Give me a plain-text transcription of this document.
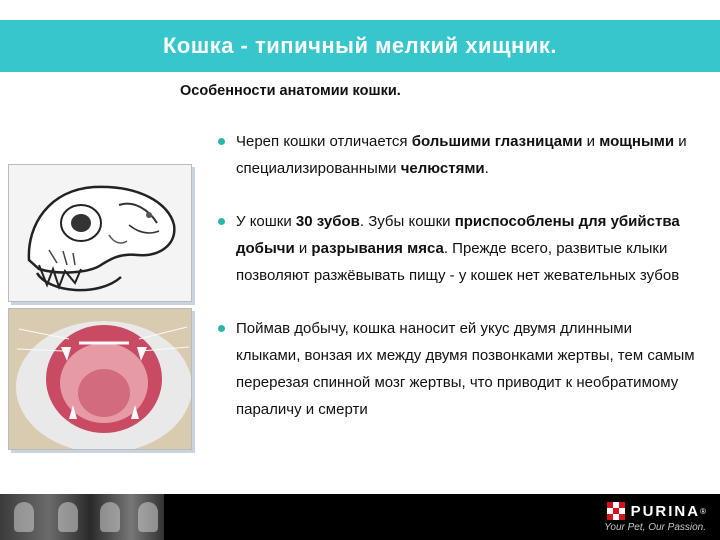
Кошка - типичный мелкий хищник.
Особенности анатомии кошки.
Череп кошки отличается большими глазницами и мощными и специализированными челюстями.
У кошки 30 зубов. Зубы кошки приспособлены для убийства добычи и разрывания мяса. Прежде всего, развитые клыки позволяют разжёвывать пищу - у кошек нет жевательных зубов
Поймав добычу, кошка наносит ей укус двумя длинными клыками, вонзая их между двумя позвонками жертвы, тем самым перерезая спинной мозг жертвы, что приводит к необратимому параличу и смерти
PURINA ®
Your Pet, Our Passion.
